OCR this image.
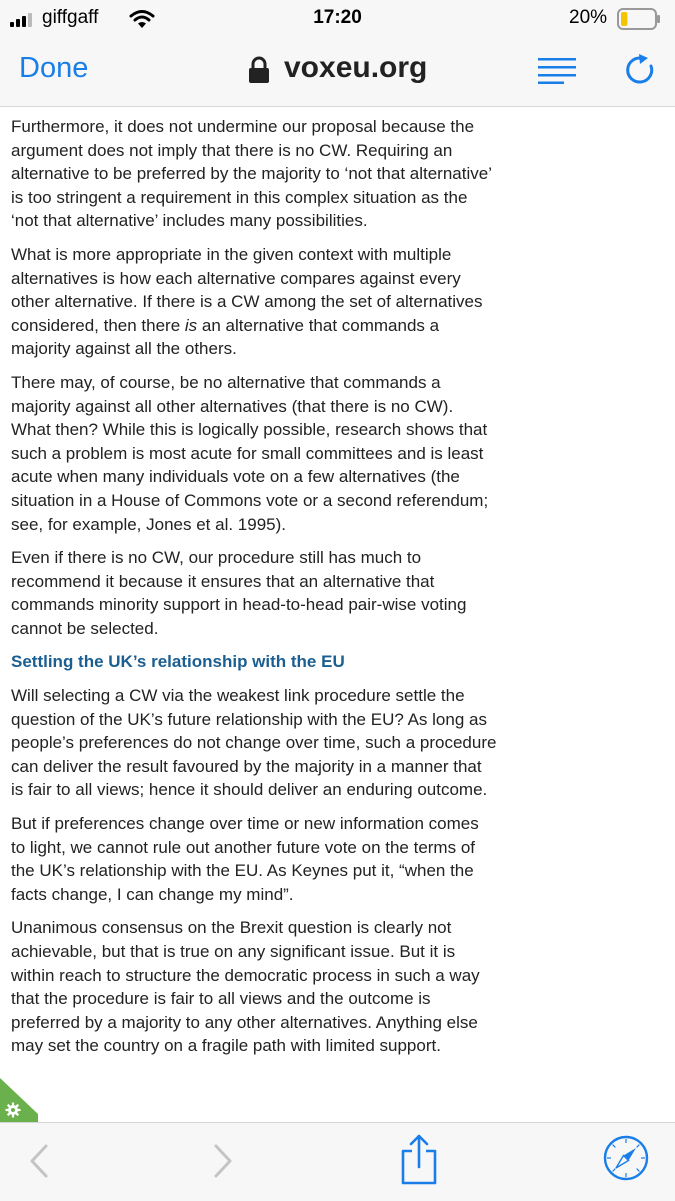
giffgaff	17:20	20%
Done	voxeu.org

Furthermore, it does not undermine our proposal because the argument does not imply that there is no CW. Requiring an alternative to be preferred by the majority to ‘not that alternative’ is too stringent a requirement in this complex situation as the ‘not that alternative’ includes many possibilities.

What is more appropriate in the given context with multiple alternatives is how each alternative compares against every other alternative. If there is a CW among the set of alternatives considered, then there is an alternative that commands a majority against all the others.

There may, of course, be no alternative that commands a majority against all other alternatives (that there is no CW). What then? While this is logically possible, research shows that such a problem is most acute for small committees and is least acute when many individuals vote on a few alternatives (the situation in a House of Commons vote or a second referendum; see, for example, Jones et al. 1995).

Even if there is no CW, our procedure still has much to recommend it because it ensures that an alternative that commands minority support in head-to-head pair-wise voting cannot be selected.

Settling the UK’s relationship with the EU

Will selecting a CW via the weakest link procedure settle the question of the UK’s future relationship with the EU? As long as people’s preferences do not change over time, such a procedure can deliver the result favoured by the majority in a manner that is fair to all views; hence it should deliver an enduring outcome.

But if preferences change over time or new information comes to light, we cannot rule out another future vote on the terms of the UK’s relationship with the EU. As Keynes put it, “when the facts change, I can change my mind”.

Unanimous consensus on the Brexit question is clearly not achievable, but that is true on any significant issue. But it is within reach to structure the democratic process in such a way that the procedure is fair to all views and the outcome is preferred by a majority to any other alternatives. Anything else may set the country on a fragile path with limited support.
